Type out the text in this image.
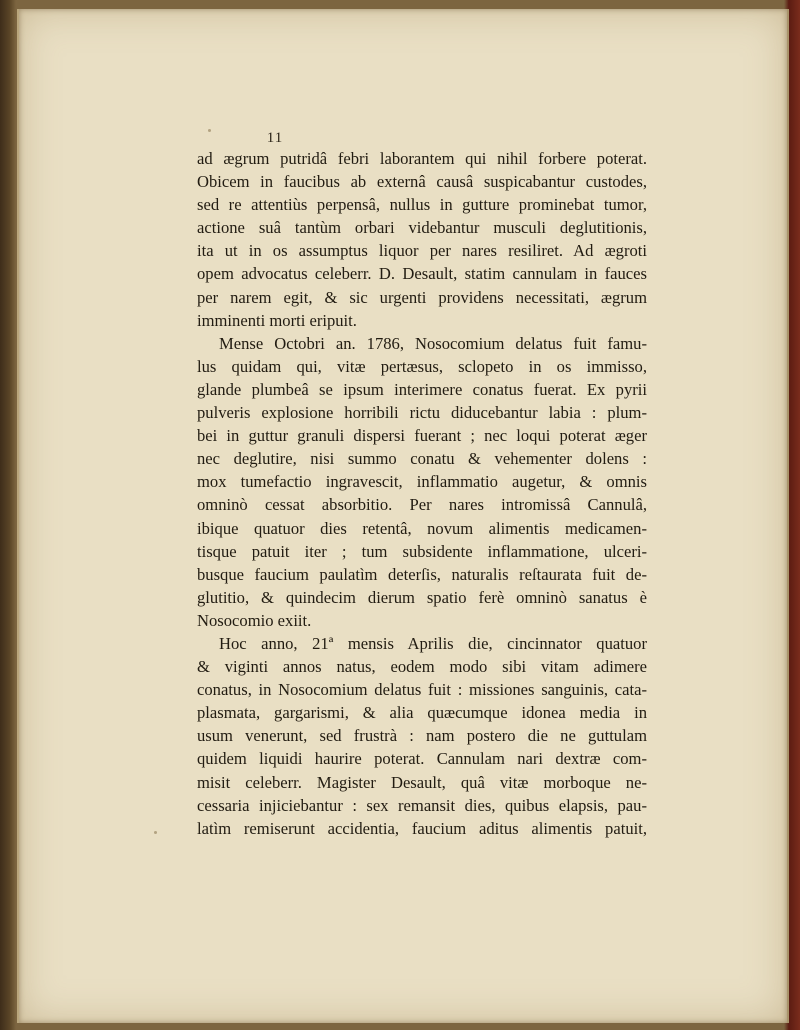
11

ad ægrum putridâ febri laborantem qui nihil forbere poterat.
Obicem in faucibus ab externâ causâ suspicabantur custodes,
sed re attentiùs perpensâ, nullus in gutture prominebat tumor,
actione suâ tantùm orbari videbantur musculi deglutitionis,
ita ut in os assumptus liquor per nares resiliret. Ad ægroti
opem advocatus celeberr. D. Desault, statim cannulam in fauces
per narem egit, & sic urgenti providens necessitati, ægrum
imminenti morti eripuit.

Mense Octobri an. 1786, Nosocomium delatus fuit famu-
lus quidam qui, vitæ pertæsus, sclopeto in os immisso,
glande plumbeâ se ipsum interimere conatus fuerat. Ex pyrii
pulveris explosione horribili rictu diducebantur labia : plum-
bei in guttur granuli dispersi fuerant ; nec loqui poterat æger
nec deglutire, nisi summo conatu & vehementer dolens :
mox tumefactio ingravescit, inflammatio augetur, & omnis
omninò cessat absorbitio. Per nares intromissâ Cannulâ,
ibique quatuor dies retentâ, novum alimentis medicamen-
tisque patuit iter ; tum subsidente inflammatione, ulceri-
busque faucium paulatìm deterſis, naturalis reſtaurata fuit de-
glutitio, & quindecim dierum spatio ferè omninò sanatus è
Nosocomio exiit.

Hoc anno, 21ª mensis Aprilis die, cincinnator quatuor
& viginti annos natus, eodem modo sibi vitam adimere
conatus, in Nosocomium delatus fuit : missiones sanguinis, cata-
plasmata, gargarismi, & alia quæcumque idonea media in
usum venerunt, sed frustrà : nam postero die ne guttulam
quidem liquidi haurire poterat. Cannulam nari dextræ com-
misit celeberr. Magister Desault, quâ vitæ morboque ne-
cessaria injiciebantur : sex remansit dies, quibus elapsis, pau-
latìm remiserunt accidentia, faucium aditus alimentis patuit,
